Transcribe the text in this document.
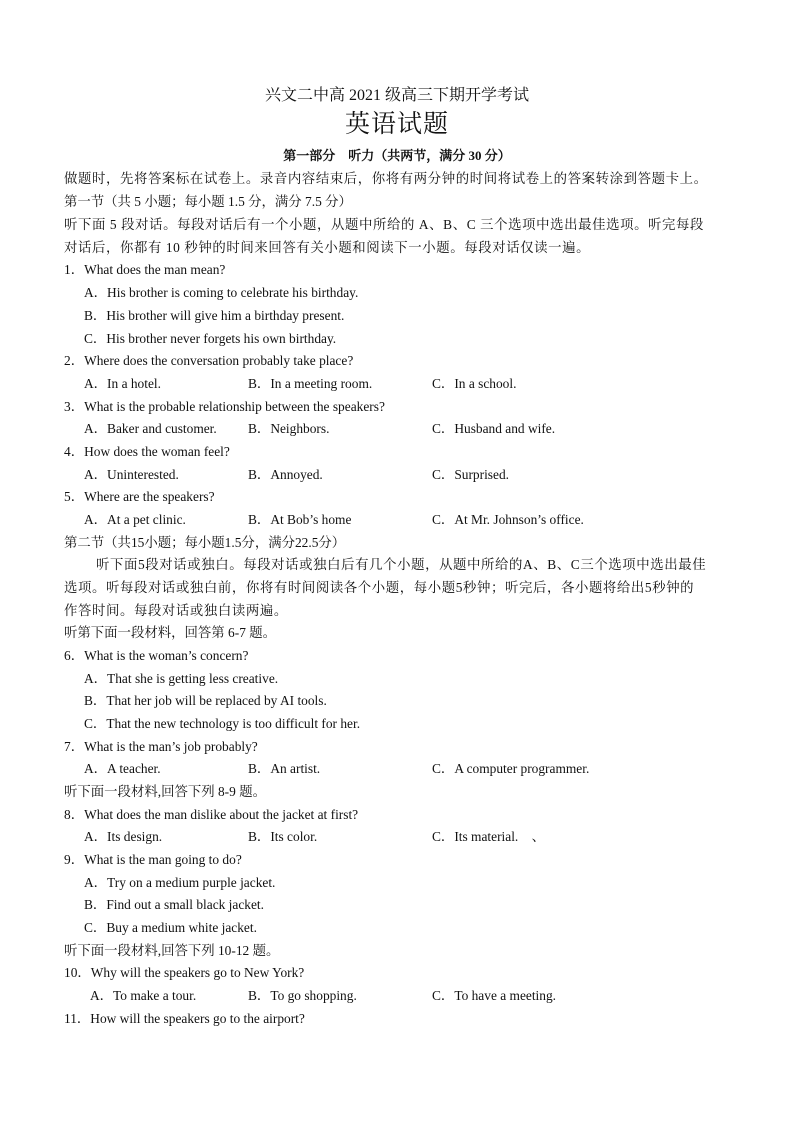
兴文二中高 2021 级高三下期开学考试
英语试题
第一部分　听力（共两节，满分 30 分）
做题时，先将答案标在试卷上。录音内容结束后，你将有两分钟的时间将试卷上的答案转涂到答题卡上。
第一节（共 5 小题；每小题 1.5 分，满分 7.5 分）
听下面 5 段对话。每段对话后有一个小题，从题中所给的 A、B、C 三个选项中选出最佳选项。听完每段
对话后，你都有 10 秒钟的时间来回答有关小题和阅读下一小题。每段对话仅读一遍。
1．What does the man mean?
A．His brother is coming to celebrate his birthday.
B．His brother will give him a birthday present.
C．His brother never forgets his own birthday.
2．Where does the conversation probably take place?
A．In a hotel.	B．In a meeting room.	C．In a school.
3．What is the probable relationship between the speakers?
A．Baker and customer. B．Neighbors.	C．Husband and wife.
4．How does the woman feel?
A．Uninterested.	B．Annoyed.	C．Surprised.
5．Where are the speakers?
A．At a pet clinic.	B．At Bob’s home	C．At Mr. Johnson’s office.
第二节（共15小题；每小题1.5分，满分22.5分）
听下面5段对话或独白。每段对话或独白后有几个小题，从题中所给的A、B、C三个选项中选出最佳
选项。听每段对话或独白前，你将有时间阅读各个小题，每小题5秒钟；听完后，各小题将给出5秒钟的
作答时间。每段对话或独白读两遍。
听第下面一段材料，回答第 6-7 题。
6．What is the woman’s concern?
A．That she is getting less creative.
B．That her job will be replaced by AI tools.
C．That the new technology is too difficult for her.
7．What is the man’s job probably?
A．A teacher.	B．An artist.	C．A computer programmer.
听下面一段材料,回答下列 8-9 题。
8．What does the man dislike about the jacket at first?
A．Its design.	B．Its color.	C．Its material.　、
9．What is the man going to do?
A．Try on a medium purple jacket.
B．Find out a small black jacket.
C．Buy a medium white jacket.
听下面一段材料,回答下列 10-12 题。
10．Why will the speakers go to New York?
A．To make a tour.	B．To go shopping.	C．To have a meeting.
11．How will the speakers go to the airport?
